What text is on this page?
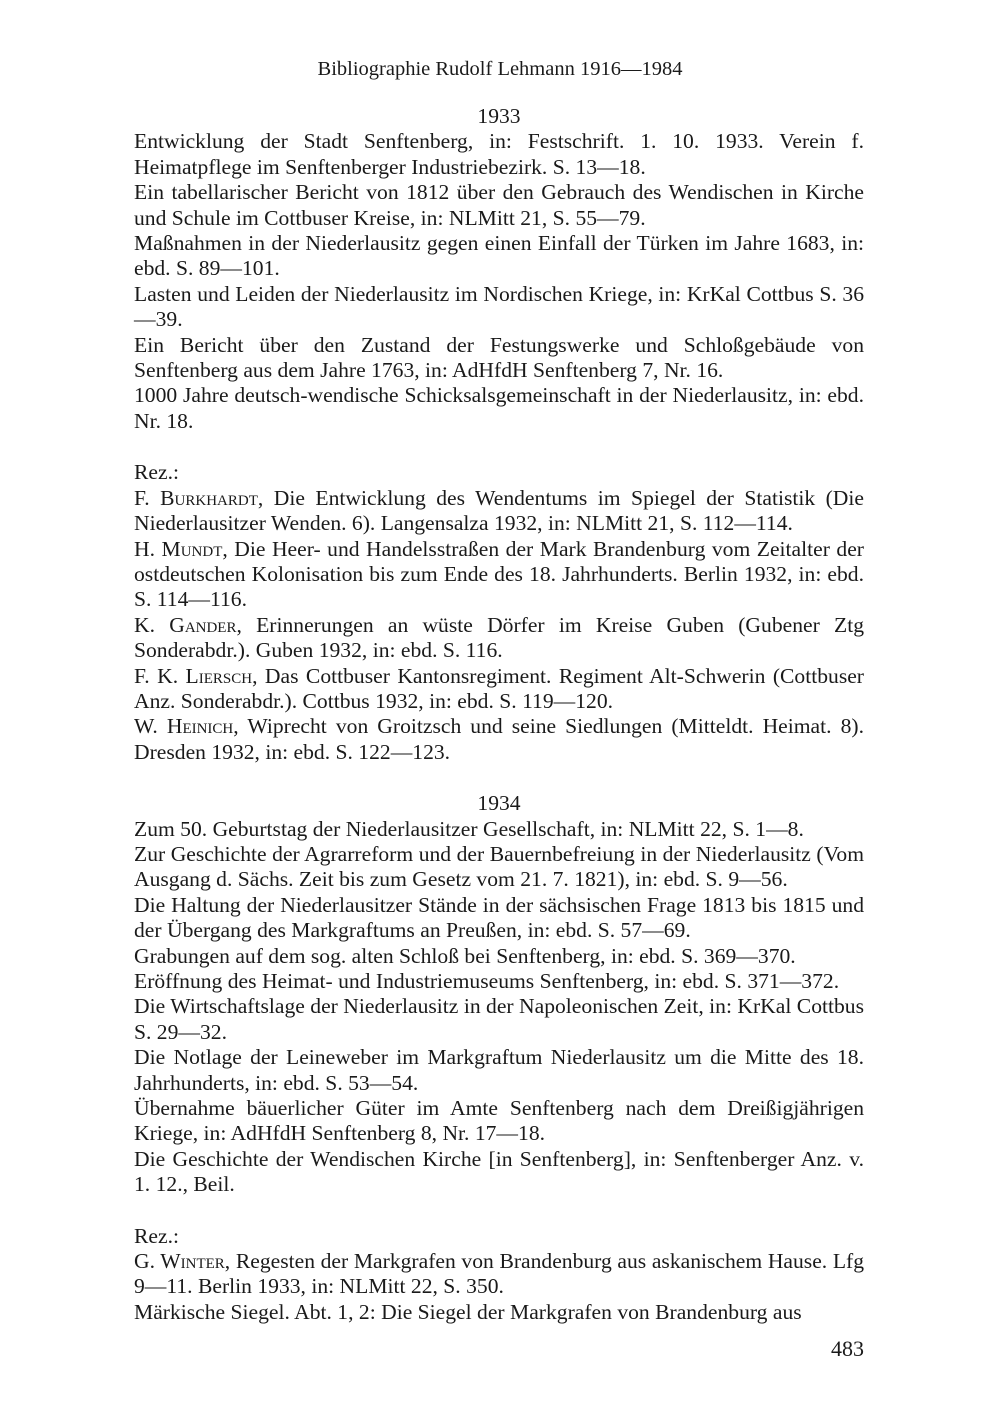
Bibliographie Rudolf Lehmann 1916—1984

1933

Entwicklung der Stadt Senftenberg, in: Festschrift. 1. 10. 1933. Verein f. Heimatpflege im Senftenberger Industriebezirk. S. 13—18.

Ein tabellarischer Bericht von 1812 über den Gebrauch des Wendischen in Kirche und Schule im Cottbuser Kreise, in: NLMitt 21, S. 55—79.

Maßnahmen in der Niederlausitz gegen einen Einfall der Türken im Jahre 1683, in: ebd. S. 89—101.

Lasten und Leiden der Niederlausitz im Nordischen Kriege, in: KrKal Cottbus S. 36—39.

Ein Bericht über den Zustand der Festungswerke und Schloßgebäude von Senftenberg aus dem Jahre 1763, in: AdHfdH Senftenberg 7, Nr. 16.

1000 Jahre deutsch-wendische Schicksalsgemeinschaft in der Niederlausitz, in: ebd. Nr. 18.

Rez.:

F. Burkhardt, Die Entwicklung des Wendentums im Spiegel der Statistik (Die Niederlausitzer Wenden. 6). Langensalza 1932, in: NLMitt 21, S. 112—114.

H. Mundt, Die Heer- und Handelsstraßen der Mark Brandenburg vom Zeitalter der ostdeutschen Kolonisation bis zum Ende des 18. Jahrhunderts. Berlin 1932, in: ebd. S. 114—116.

K. Gander, Erinnerungen an wüste Dörfer im Kreise Guben (Gubener Ztg Sonderabdr.). Guben 1932, in: ebd. S. 116.

F. K. Liersch, Das Cottbuser Kantonsregiment. Regiment Alt-Schwerin (Cottbuser Anz. Sonderabdr.). Cottbus 1932, in: ebd. S. 119—120.

W. Heinich, Wiprecht von Groitzsch und seine Siedlungen (Mitteldt. Heimat. 8). Dresden 1932, in: ebd. S. 122—123.

1934

Zum 50. Geburtstag der Niederlausitzer Gesellschaft, in: NLMitt 22, S. 1—8.

Zur Geschichte der Agrarreform und der Bauernbefreiung in der Niederlausitz (Vom Ausgang d. Sächs. Zeit bis zum Gesetz vom 21. 7. 1821), in: ebd. S. 9—56.

Die Haltung der Niederlausitzer Stände in der sächsischen Frage 1813 bis 1815 und der Übergang des Markgraftums an Preußen, in: ebd. S. 57—69.

Grabungen auf dem sog. alten Schloß bei Senftenberg, in: ebd. S. 369—370.

Eröffnung des Heimat- und Industriemuseums Senftenberg, in: ebd. S. 371—372.

Die Wirtschaftslage der Niederlausitz in der Napoleonischen Zeit, in: KrKal Cottbus S. 29—32.

Die Notlage der Leineweber im Markgraftum Niederlausitz um die Mitte des 18. Jahrhunderts, in: ebd. S. 53—54.

Übernahme bäuerlicher Güter im Amte Senftenberg nach dem Dreißigjährigen Kriege, in: AdHfdH Senftenberg 8, Nr. 17—18.

Die Geschichte der Wendischen Kirche [in Senftenberg], in: Senftenberger Anz. v. 1. 12., Beil.

Rez.:

G. Winter, Regesten der Markgrafen von Brandenburg aus askanischem Hause. Lfg 9—11. Berlin 1933, in: NLMitt 22, S. 350.

Märkische Siegel. Abt. 1, 2: Die Siegel der Markgrafen von Brandenburg aus

483
